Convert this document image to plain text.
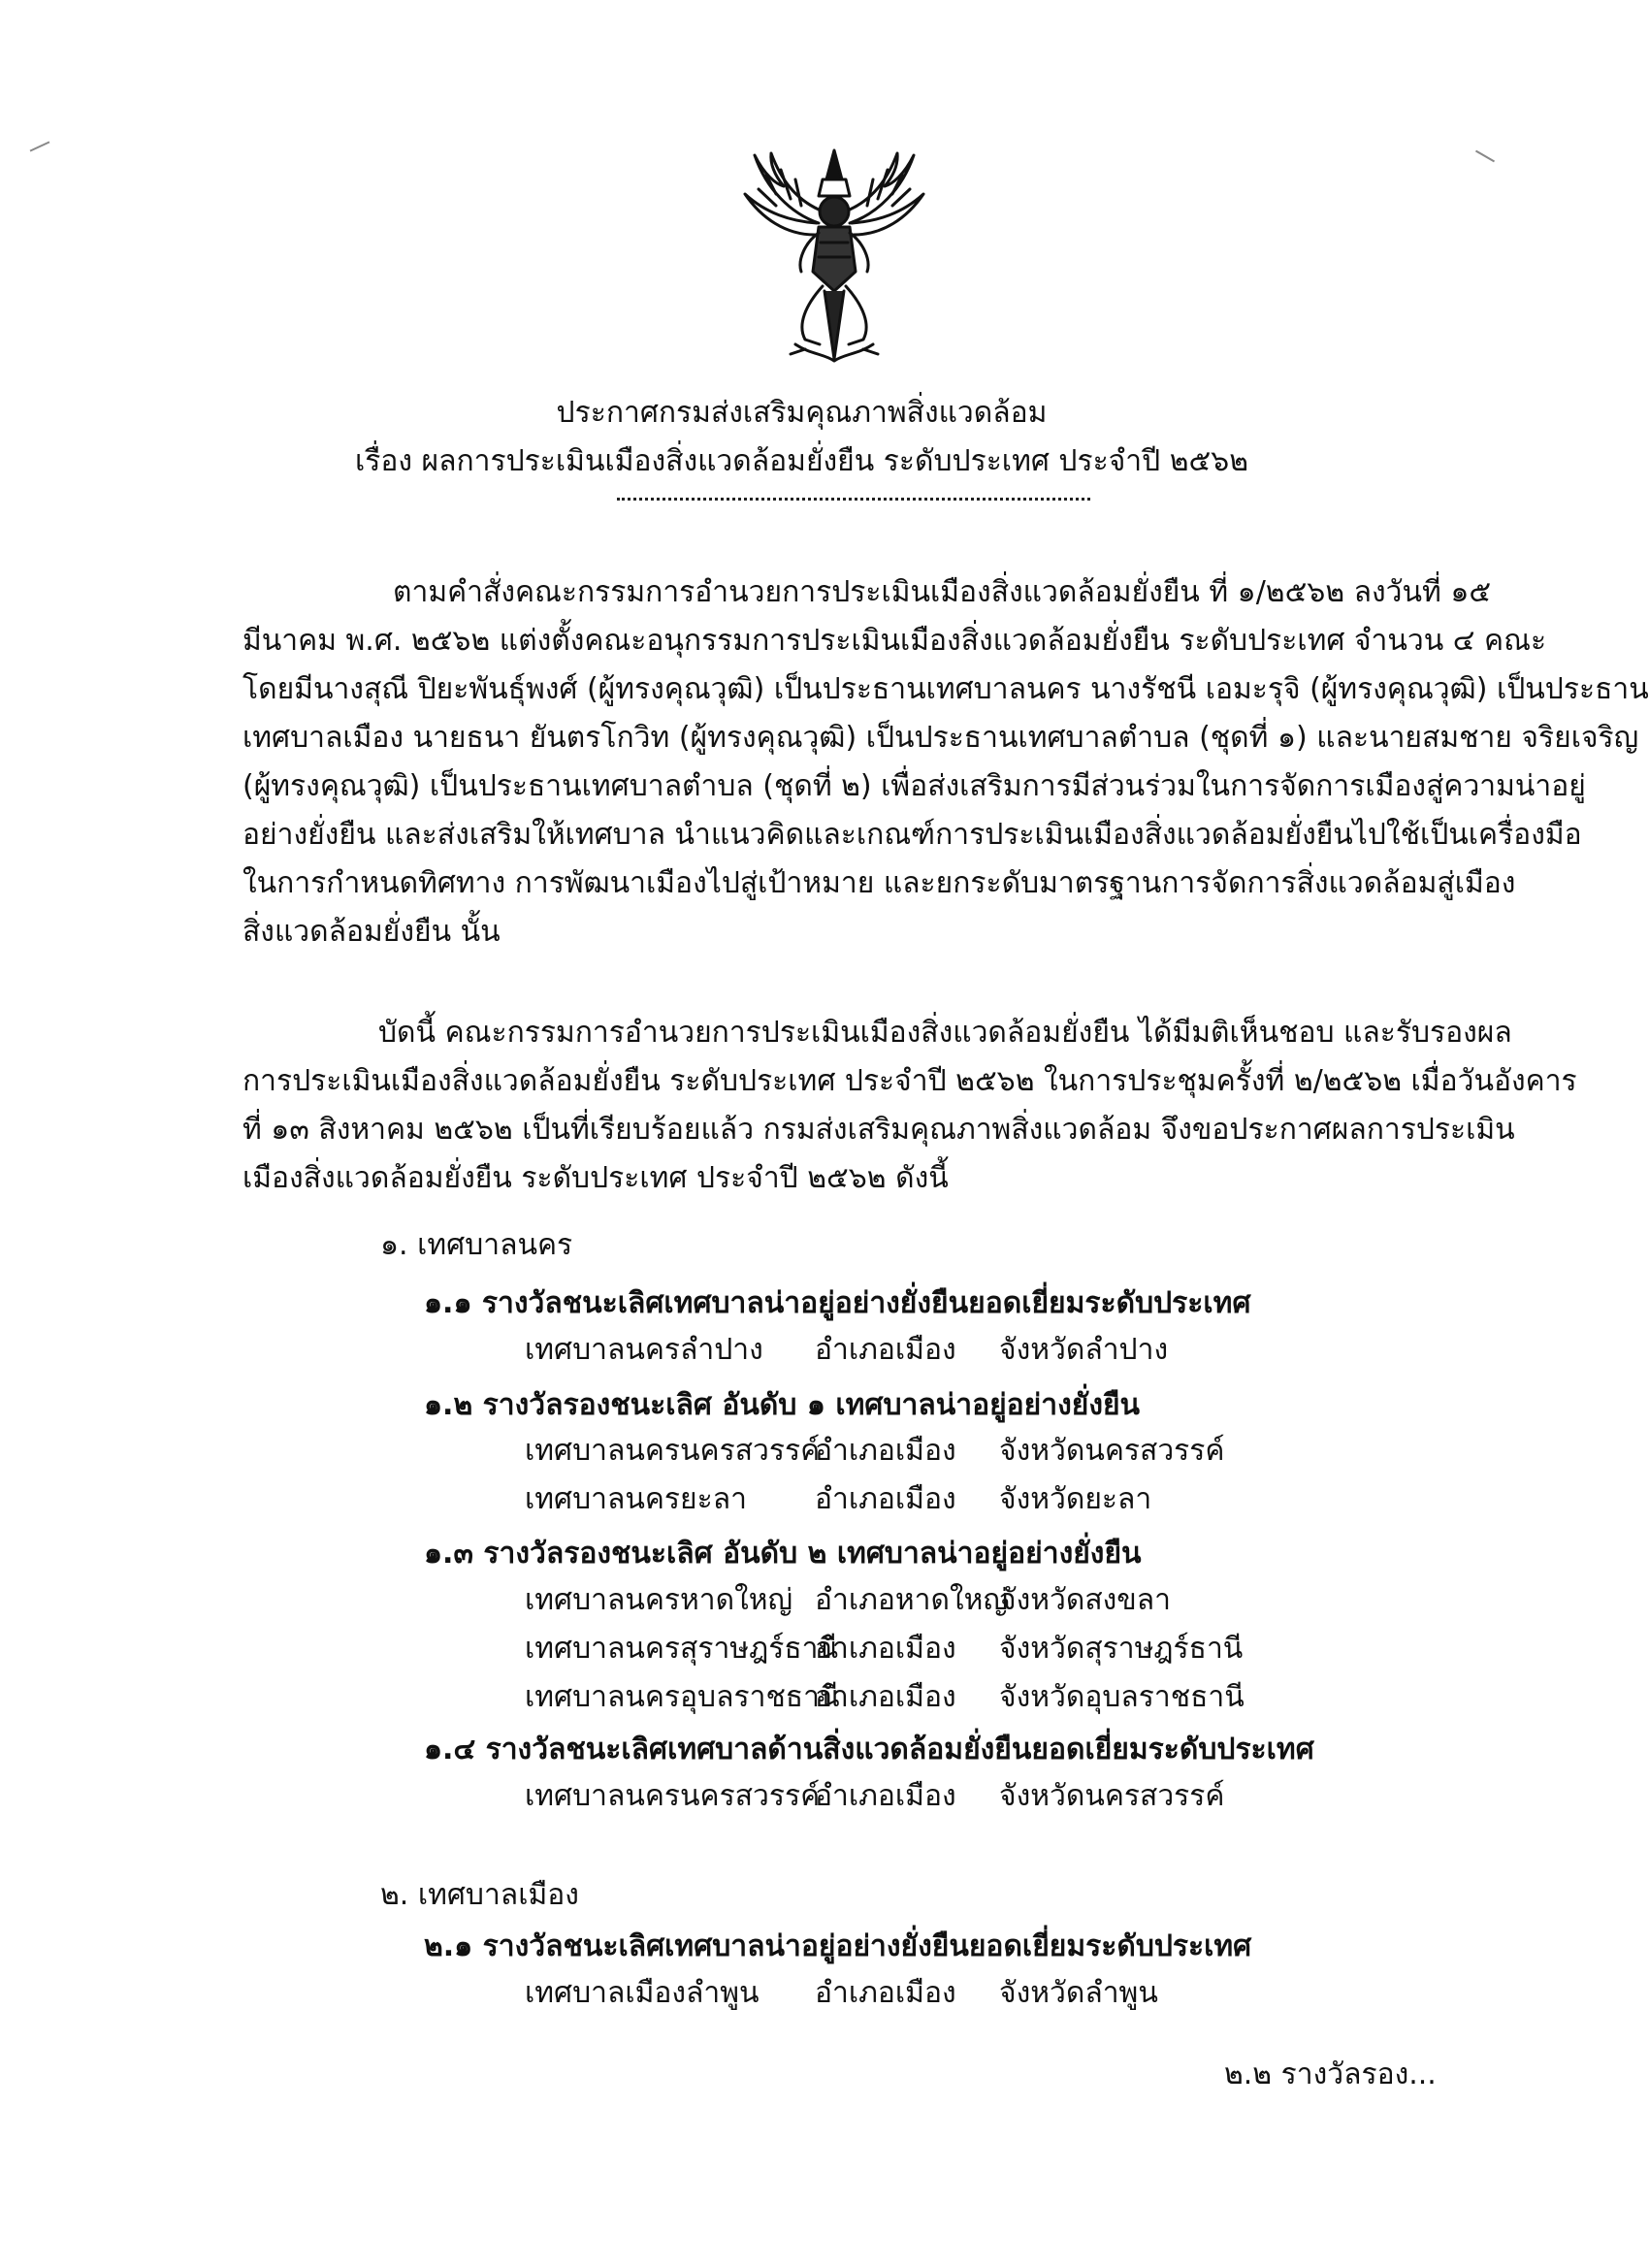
ประกาศกรมส่งเสริมคุณภาพสิ่งแวดล้อม
เรื่อง ผลการประเมินเมืองสิ่งแวดล้อมยั่งยืน ระดับประเทศ ประจำปี ๒๕๖๒
ตามคำสั่งคณะกรรมการอำนวยการประเมินเมืองสิ่งแวดล้อมยั่งยืน ที่ ๑/๒๕๖๒ ลงวันที่ ๑๕
มีนาคม พ.ศ. ๒๕๖๒ แต่งตั้งคณะอนุกรรมการประเมินเมืองสิ่งแวดล้อมยั่งยืน ระดับประเทศ จำนวน ๔ คณะ
โดยมีนางสุณี ปิยะพันธุ์พงศ์ (ผู้ทรงคุณวุฒิ) เป็นประธานเทศบาลนคร นางรัชนี เอมะรุจิ (ผู้ทรงคุณวุฒิ) เป็นประธาน
เทศบาลเมือง นายธนา ยันตรโกวิท (ผู้ทรงคุณวุฒิ) เป็นประธานเทศบาลตำบล (ชุดที่ ๑) และนายสมชาย จริยเจริญ
(ผู้ทรงคุณวุฒิ) เป็นประธานเทศบาลตำบล (ชุดที่ ๒) เพื่อส่งเสริมการมีส่วนร่วมในการจัดการเมืองสู่ความน่าอยู่
อย่างยั่งยืน และส่งเสริมให้เทศบาล นำแนวคิดและเกณฑ์การประเมินเมืองสิ่งแวดล้อมยั่งยืนไปใช้เป็นเครื่องมือ
ในการกำหนดทิศทาง การพัฒนาเมืองไปสู่เป้าหมาย และยกระดับมาตรฐานการจัดการสิ่งแวดล้อมสู่เมือง
สิ่งแวดล้อมยั่งยืน นั้น
บัดนี้ คณะกรรมการอำนวยการประเมินเมืองสิ่งแวดล้อมยั่งยืน ได้มีมติเห็นชอบ และรับรองผล
การประเมินเมืองสิ่งแวดล้อมยั่งยืน ระดับประเทศ ประจำปี ๒๕๖๒ ในการประชุมครั้งที่ ๒/๒๕๖๒ เมื่อวันอังคาร
ที่ ๑๓ สิงหาคม ๒๕๖๒ เป็นที่เรียบร้อยแล้ว กรมส่งเสริมคุณภาพสิ่งแวดล้อม จึงขอประกาศผลการประเมิน
เมืองสิ่งแวดล้อมยั่งยืน ระดับประเทศ ประจำปี ๒๕๖๒ ดังนี้
๑. เทศบาลนคร
๑.๑ รางวัลชนะเลิศเทศบาลน่าอยู่อย่างยั่งยืนยอดเยี่ยมระดับประเทศ
เทศบาลนครลำปาง อำเภอเมือง จังหวัดลำปาง
๑.๒ รางวัลรองชนะเลิศ อันดับ ๑ เทศบาลน่าอยู่อย่างยั่งยืน
เทศบาลนครนครสวรรค์
อำเภอเมือง จังหวัดนครสวรรค์
เทศบาลนครยะลา อำเภอเมือง จังหวัดยะลา
๑.๓ รางวัลรองชนะเลิศ อันดับ ๒ เทศบาลน่าอยู่อย่างยั่งยืน
เทศบาลนครหาดใหญ่ อำเภอหาดใหญ่
จังหวัดสงขลา
เทศบาลนครสุราษฎร์ธานี
อำเภอเมือง จังหวัดสุราษฎร์ธานี
เทศบาลนครอุบลราชธานี
อำเภอเมือง จังหวัดอุบลราชธานี
๑.๔ รางวัลชนะเลิศเทศบาลด้านสิ่งแวดล้อมยั่งยืนยอดเยี่ยมระดับประเทศ
เทศบาลนครนครสวรรค์
อำเภอเมือง จังหวัดนครสวรรค์
๒. เทศบาลเมือง
๒.๑ รางวัลชนะเลิศเทศบาลน่าอยู่อย่างยั่งยืนยอดเยี่ยมระดับประเทศ
เทศบาลเมืองลำพูน อำเภอเมือง จังหวัดลำพูน
๒.๒ รางวัลรอง...
